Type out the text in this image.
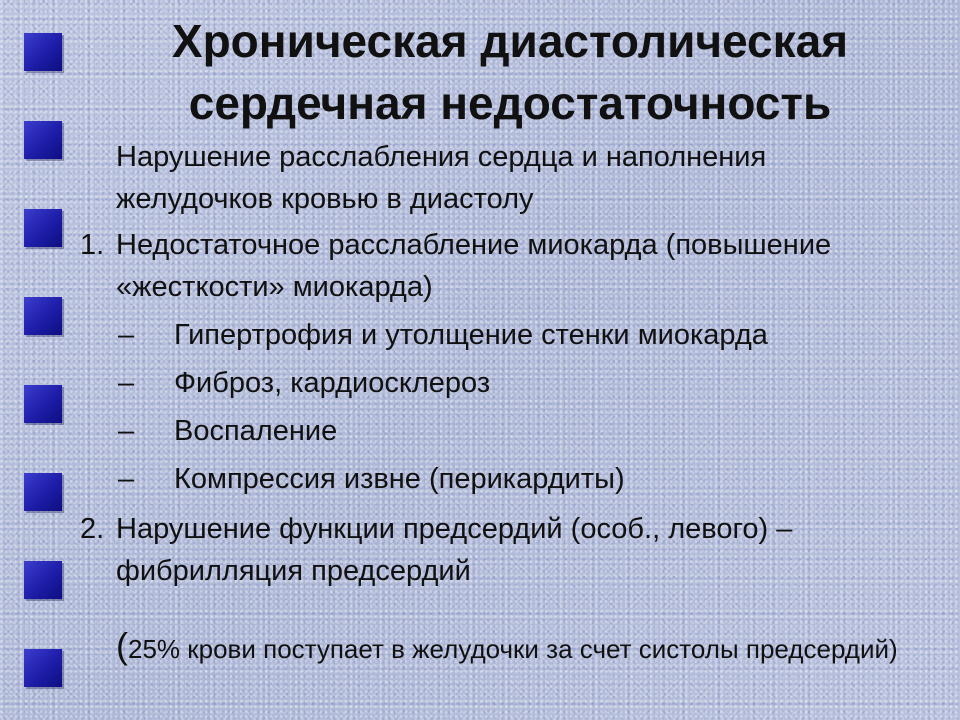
Хроническая диастолическая сердечная недостаточность

Нарушение расслабления сердца и наполнения желудочков кровью в диастолу

1. Недостаточное расслабление миокарда (повышение «жесткости» миокарда)

– Гипертрофия и утолщение стенки миокарда
– Фиброз, кардиосклероз
– Воспаление
– Компрессия извне (перикардиты)
2. Нарушение функции предсердий (особ., левого) – фибрилляция предсердий

(25% крови поступает в желудочки за счет систолы предсердий)
